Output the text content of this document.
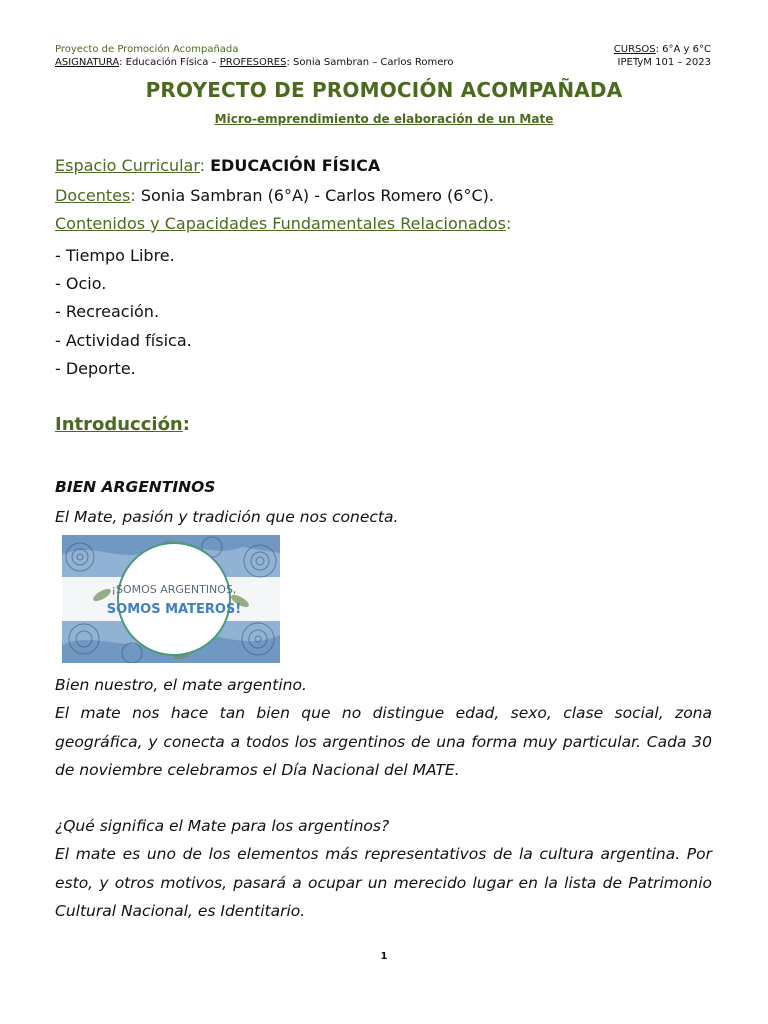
Proyecto de Promoción Acompañada
ASIGNATURA: Educación Física – PROFESORES: Sonia Sambran – Carlos Romero
CURSOS: 6°A y 6°C
IPETyM 101 – 2023
PROYECTO DE PROMOCIÓN ACOMPAÑADA
Micro-emprendimiento de elaboración de un Mate
Espacio Curricular: EDUCACIÓN FÍSICA
Docentes: Sonia Sambran (6°A) - Carlos Romero (6°C).
Contenidos y Capacidades Fundamentales Relacionados:
- Tiempo Libre.
- Ocio.
- Recreación.
- Actividad física.
- Deporte.
Introducción:
BIEN ARGENTINOS
El Mate, pasión y tradición que nos conecta.
¡SOMOS ARGENTINOS,
SOMOS MATEROS!
Bien nuestro, el mate argentino.
El mate nos hace tan bien que no distingue edad, sexo, clase social, zona geográfica, y conecta a todos los argentinos de una forma muy particular. Cada 30 de noviembre celebramos el Día Nacional del MATE.
¿Qué significa el Mate para los argentinos?
El mate es uno de los elementos más representativos de la cultura argentina. Por esto, y otros motivos, pasará a ocupar un merecido lugar en la lista de Patrimonio Cultural Nacional, es Identitario.
1
